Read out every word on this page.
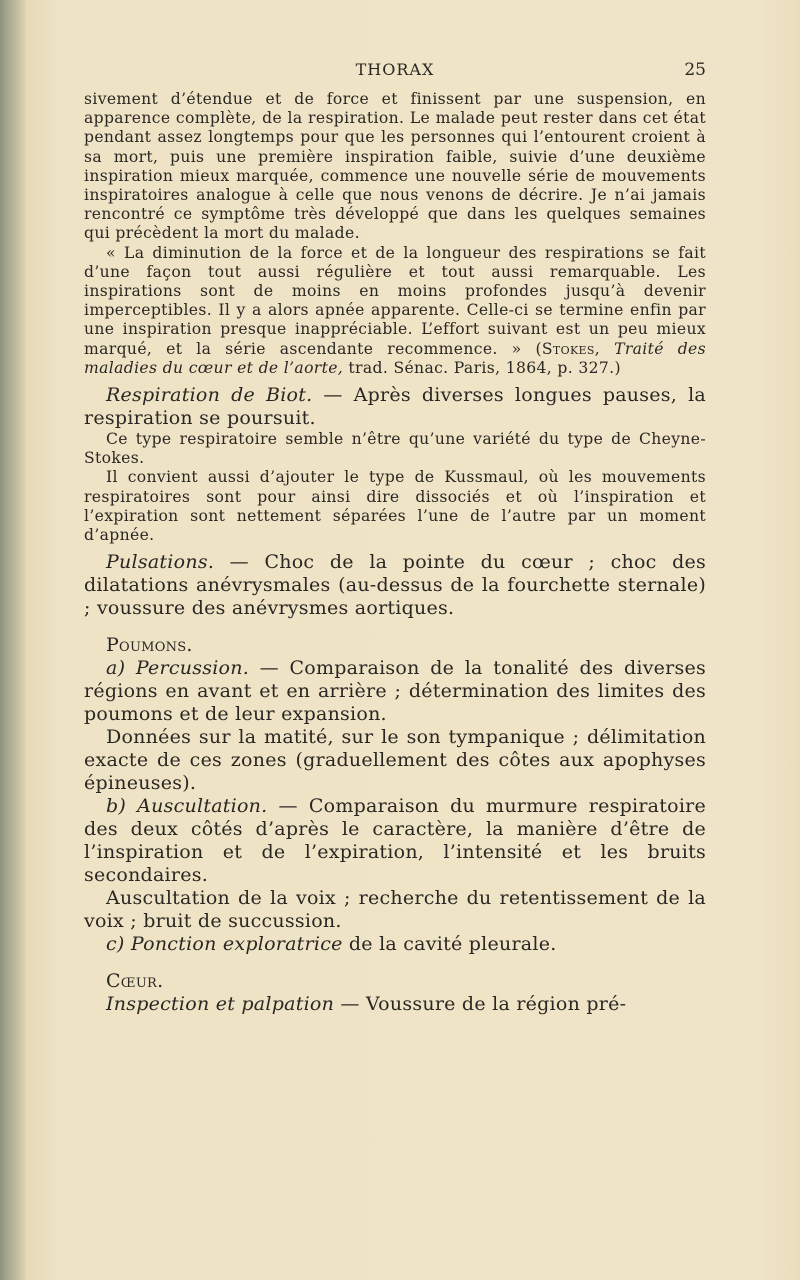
THORAX	25

sivement d’étendue et de force et finissent par une suspension, en apparence complète, de la respiration. Le malade peut rester dans cet état pendant assez longtemps pour que les personnes qui l’entourent croient à sa mort, puis une première inspiration faible, suivie d’une deuxième inspiration mieux marquée, commence une nouvelle série de mouvements inspiratoires analogue à celle que nous venons de décrire. Je n’ai jamais rencontré ce symptôme très développé que dans les quelques semaines qui précèdent la mort du malade.

« La diminution de la force et de la longueur des respirations se fait d’une façon tout aussi régulière et tout aussi remarquable. Les inspirations sont de moins en moins profondes jusqu’à devenir imperceptibles. Il y a alors apnée apparente. Celle-ci se termine enfin par une inspiration presque inappréciable. L’effort suivant est un peu mieux marqué, et la série ascendante recommence. » (Stokes, Traité des maladies du cœur et de l’aorte, trad. Sénac. Paris, 1864, p. 327.)

Respiration de Biot. — Après diverses longues pauses, la respiration se poursuit.

Ce type respiratoire semble n’être qu’une variété du type de Cheyne-Stokes.

Il convient aussi d’ajouter le type de Kussmaul, où les mouvements respiratoires sont pour ainsi dire dissociés et où l’inspiration et l’expiration sont nettement séparées l’une de l’autre par un moment d’apnée.

Pulsations. — Choc de la pointe du cœur ; choc des dilatations anévrysmales (au-dessus de la fourchette sternale) ; voussure des anévrysmes aortiques.

Poumons.

a) Percussion. — Comparaison de la tonalité des diverses régions en avant et en arrière ; détermination des limites des poumons et de leur expansion.

Données sur la matité, sur le son tympanique ; délimitation exacte de ces zones (graduellement des côtes aux apophyses épineuses).

b) Auscultation. — Comparaison du murmure respiratoire des deux côtés d’après le caractère, la manière d’être de l’inspiration et de l’expiration, l’intensité et les bruits secondaires.

Auscultation de la voix ; recherche du retentissement de la voix ; bruit de succussion.

c) Ponction exploratrice de la cavité pleurale.

Cœur.

Inspection et palpation — Voussure de la région pré-
